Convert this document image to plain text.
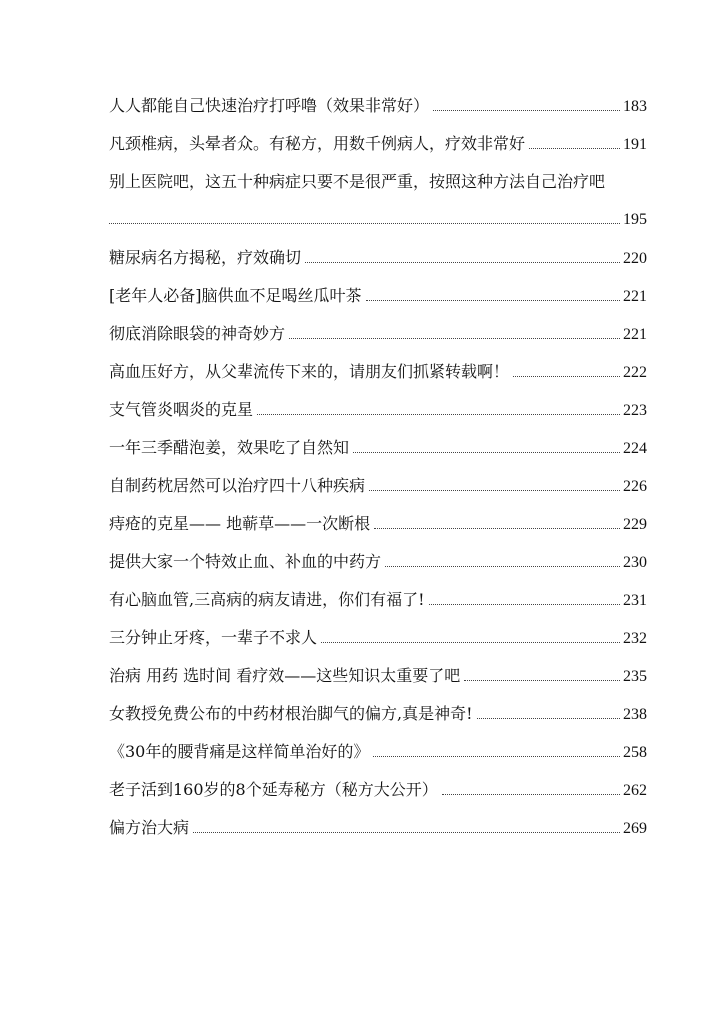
人人都能自己快速治疗打呼噜（效果非常好）	183
凡颈椎病，头晕者众。有秘方，用数千例病人，疗效非常好	191
别上医院吧，这五十种病症只要不是很严重，按照这种方法自己治疗吧
195
糖尿病名方揭秘，疗效确切	220
[老年人必备]脑供血不足喝丝瓜叶茶	221
彻底消除眼袋的神奇妙方	221
高血压好方，从父辈流传下来的，请朋友们抓紧转载啊！	222
支气管炎咽炎的克星	223
一年三季醋泡姜，效果吃了自然知	224
自制药枕居然可以治疗四十八种疾病	226
痔疮的克星—— 地蕲草——一次断根	229
提供大家一个特效止血、补血的中药方	230
有心脑血管,三高病的病友请进，你们有福了!	231
三分钟止牙疼，一辈子不求人	232
治病 用药 选时间 看疗效——这些知识太重要了吧	235
女教授免费公布的中药材根治脚气的偏方,真是神奇!	238
《30年的腰背痛是这样简单治好的》	258
老子活到160岁的8个延寿秘方（秘方大公开）	262
偏方治大病	269
